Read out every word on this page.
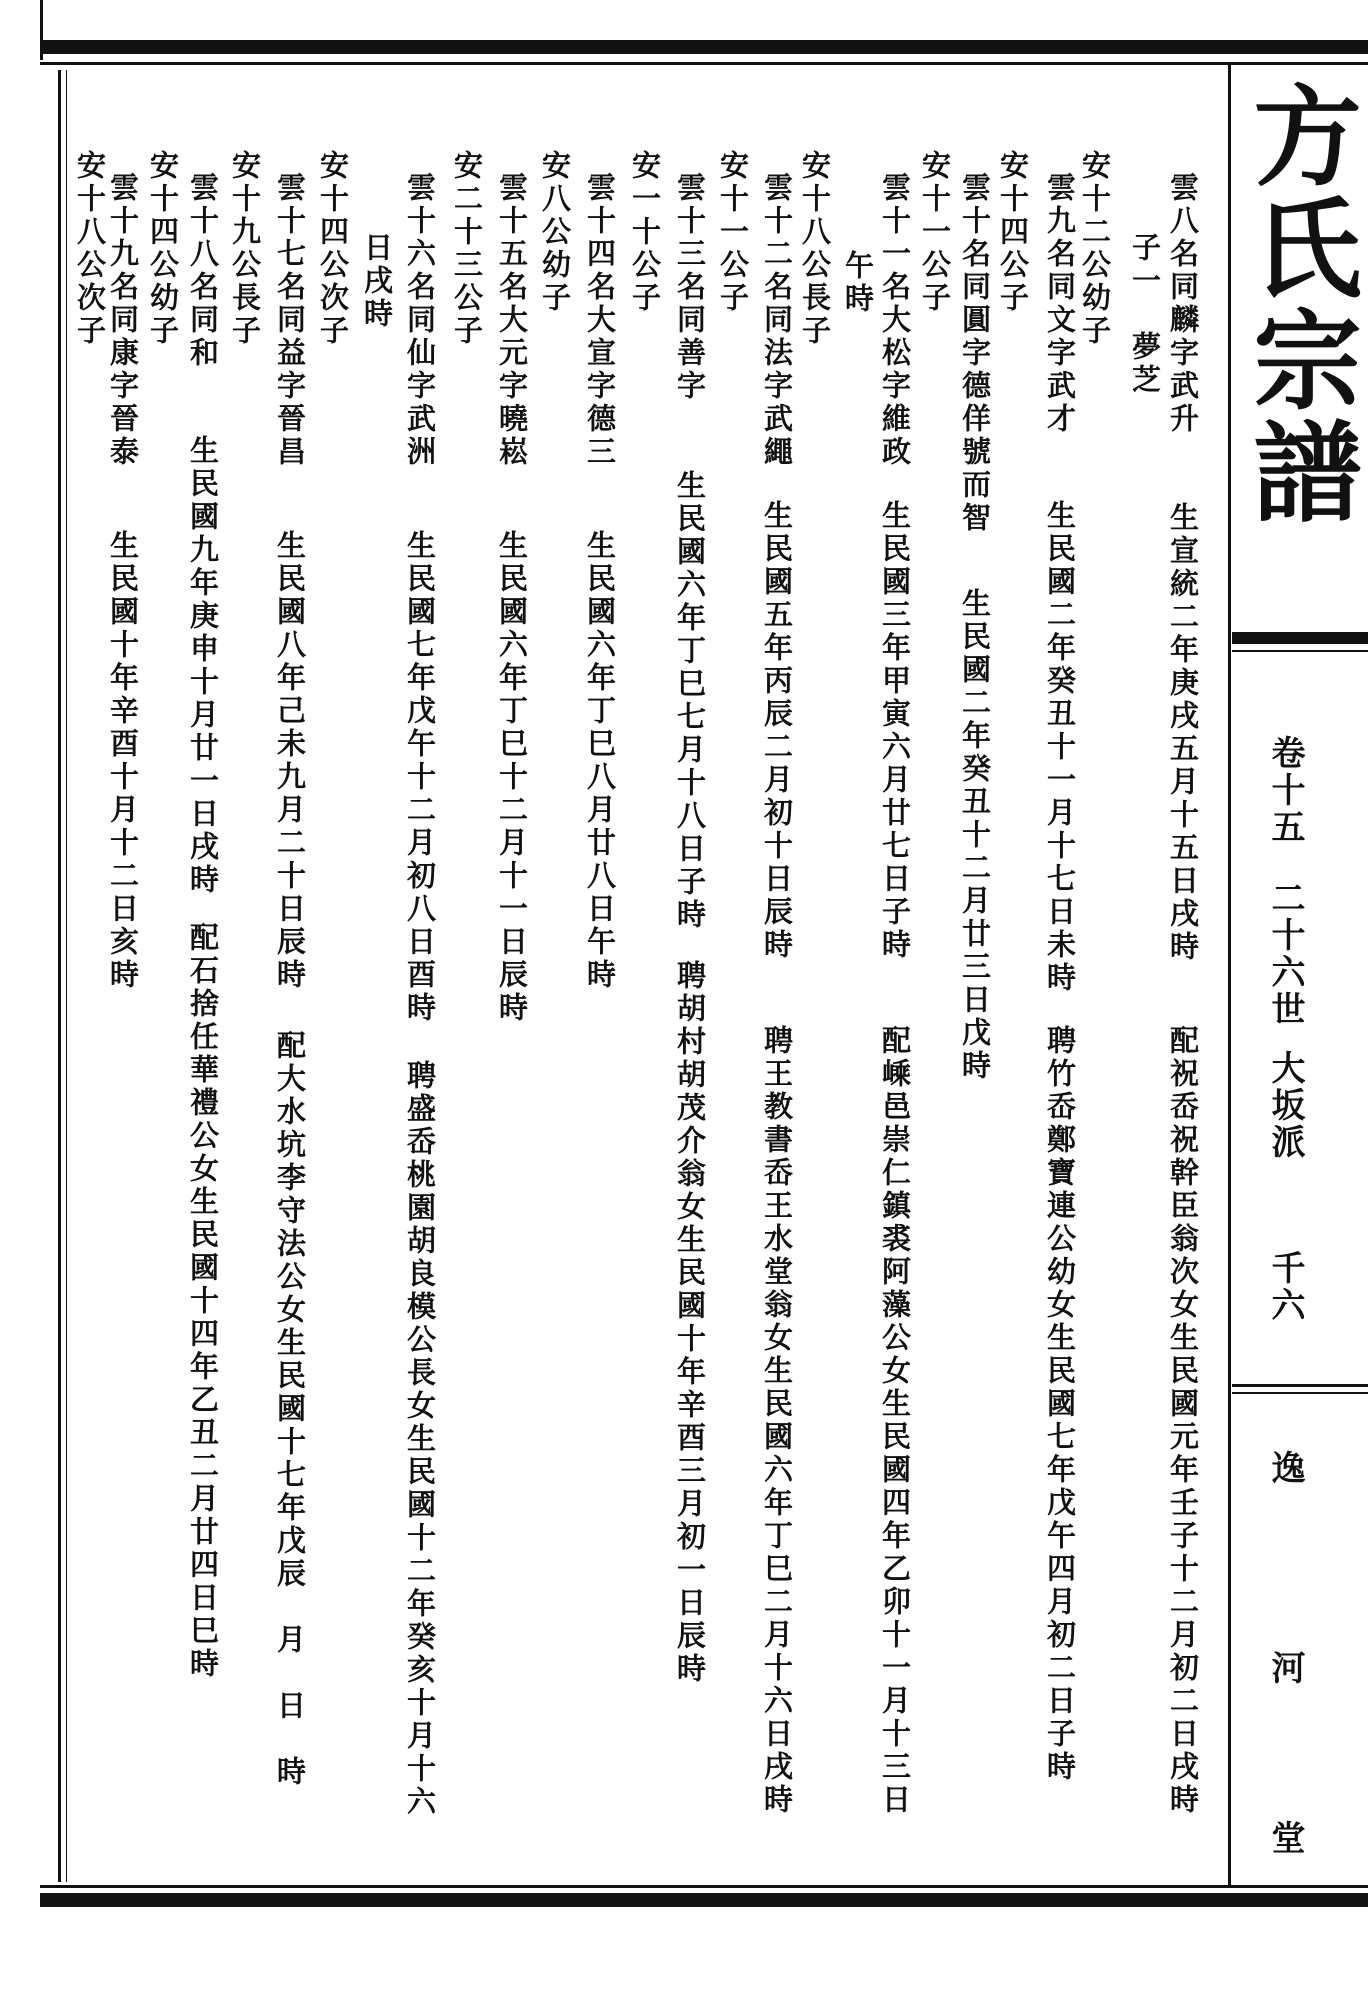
方氏宗譜
卷十五
二十六世
大坂派
千六
逸
河
堂
雲八名同麟字武升
生宣統二年庚戌五月十五日戌時
配祝岙祝幹臣翁次女生民國元年壬子十二月初二日戌時
子一　夢芝
安十二公幼子
雲九名同文字武才
生民國二年癸丑十一月十七日未時
聘竹岙鄭寶連公幼女生民國七年戊午四月初二日子時
安十四公子
雲十名同圓字德佯號而智
生民國二年癸丑十二月廿三日戊時
安十一公子
雲十一名大松字維政
生民國三年甲寅六月廿七日子時
配嵊邑崇仁鎮裘阿藻公女生民國四年乙卯十一月十三日
午時
安十八公長子
雲十二名同法字武繩
生民國五年丙辰二月初十日辰時
聘王教書岙王水堂翁女生民國六年丁巳二月十六日戌時
安十一公子
雲十三名同善字
生民國六年丁巳七月十八日子時
聘胡村胡茂介翁女生民國十年辛酉三月初一日辰時
安一十公子
雲十四名大宣字德三
生民國六年丁巳八月廿八日午時
安八公幼子
雲十五名大元字曉崧
生民國六年丁巳十二月十一日辰時
安二十三公子
雲十六名同仙字武洲
生民國七年戊午十二月初八日酉時
聘盛岙桃園胡良模公長女生民國十二年癸亥十月十六
日戌時
安十四公次子
雲十七名同益字晉昌
生民國八年己未九月二十日辰時
配大水坑李守法公女生民國十七年戊辰　月　日　時
安十九公長子
雲十八名同和
生民國九年庚申十月廿一日戌時
配石捨任華禮公女生民國十四年乙丑二月廿四日巳時
安十四公幼子
雲十九名同康字晉泰
生民國十年辛酉十月十二日亥時
安十八公次子
